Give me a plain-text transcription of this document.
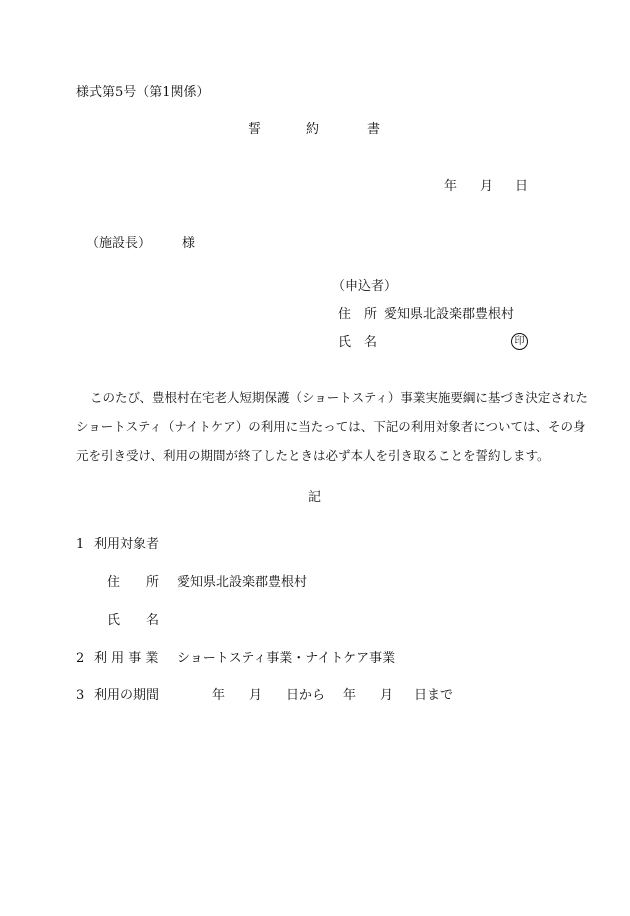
様式第5号（第1関係）
誓	約	書
年 月 日
（施設長） 様
（申込者）
住　所 愛知県北設楽郡豊根村
氏　名	印
このたび、豊根村在宅老人短期保護（ショートスティ）事業実施要綱に基づき決定された
ショートスティ（ナイトケア）の利用に当たっては、下記の利用対象者については、その身
元を引き受け、利用の期間が終了したときは必ず本人を引き取ることを誓約します。
記
1 利用対象者
住　　所 愛知県北設楽郡豊根村
氏　　名
2 利 用 事 業 ショートスティ事業・ナイトケア事業
3 利用の期間	年 月 日から 年 月 日まで
